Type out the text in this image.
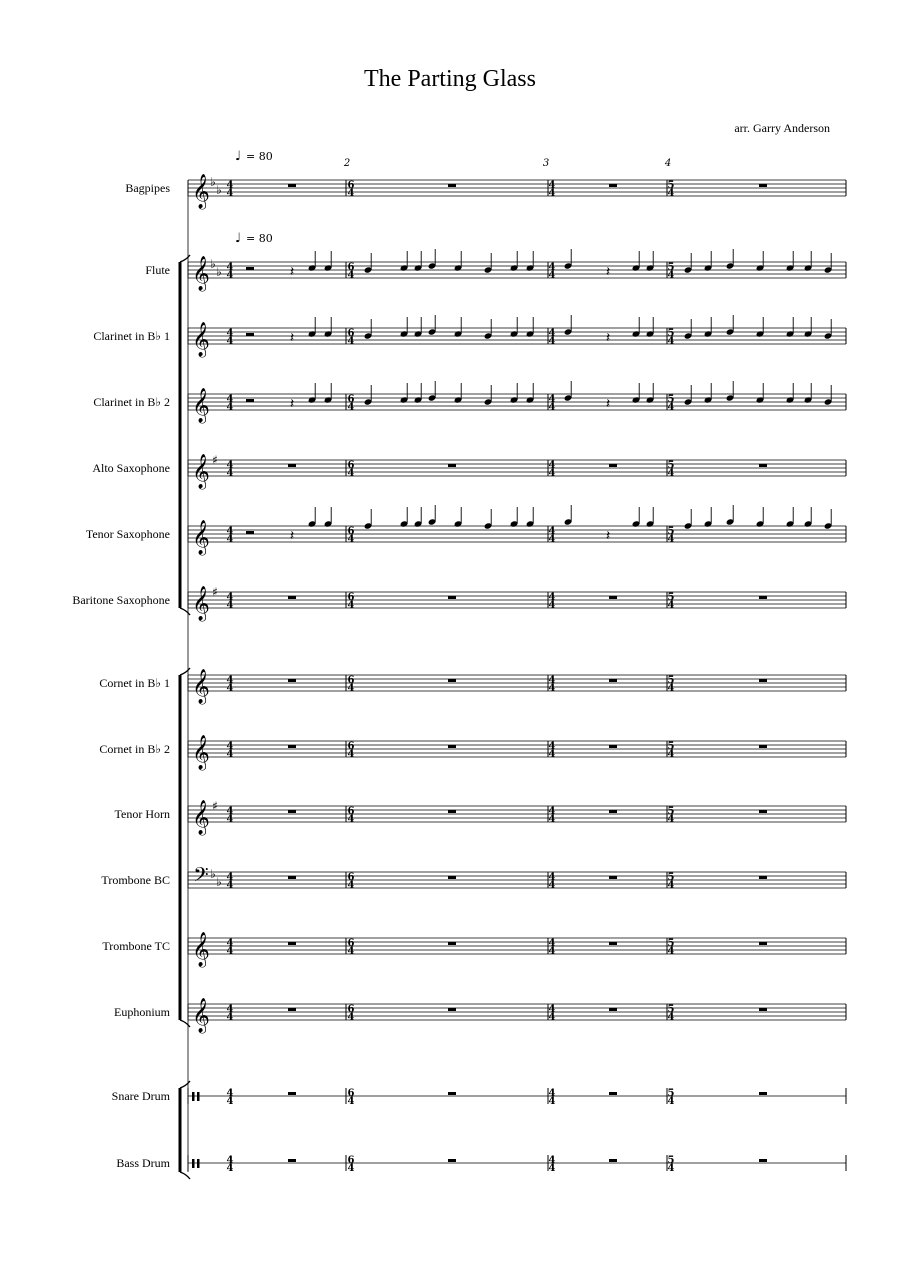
The Parting Glass
arr. Garry Anderson
Bagpipes
Flute
Clarinet in B♭ 1
Clarinet in B♭ 2
Alto Saxophone
Tenor Saxophone
Baritone Saxophone
Cornet in B♭ 1
Cornet in B♭ 2
Tenor Horn
Trombone BC
Trombone TC
Euphonium
Snare Drum
Bass Drum
𝄞 ♭
♭ 4
4
6
4
4
4
5
4
𝄞 ♭
♭ 4
4
6
4
4
4
5
4
𝄽	𝄽
𝄞 4
4
6
4
4
4
5
4
𝄽	𝄽
𝄞 4
4
6
4
4
4
5
4
𝄽	𝄽
𝄞 ♯ 4
4
6
4
4
4
5
4
𝄞 4
4
6
4
4
4
5
4
𝄽	𝄽
𝄞 ♯ 4
4
6
4
4
4
5
4
𝄞 4
4
6
4
4
4
5
4
𝄞 4
4
6
4
4
4
5
4
𝄞 ♯ 4
4
6
4
4
4
5
4
𝄢 ♭
♭ 4
4
6
4
4
4
5
4
𝄞 4
4
6
4
4
4
5
4
𝄞 4
4
6
4
4
4
5
4
4
4
6
4
4
4
5
4
4
4
6
4
4
4
5
4
♩ = 80
♩ = 80
2	3	4
